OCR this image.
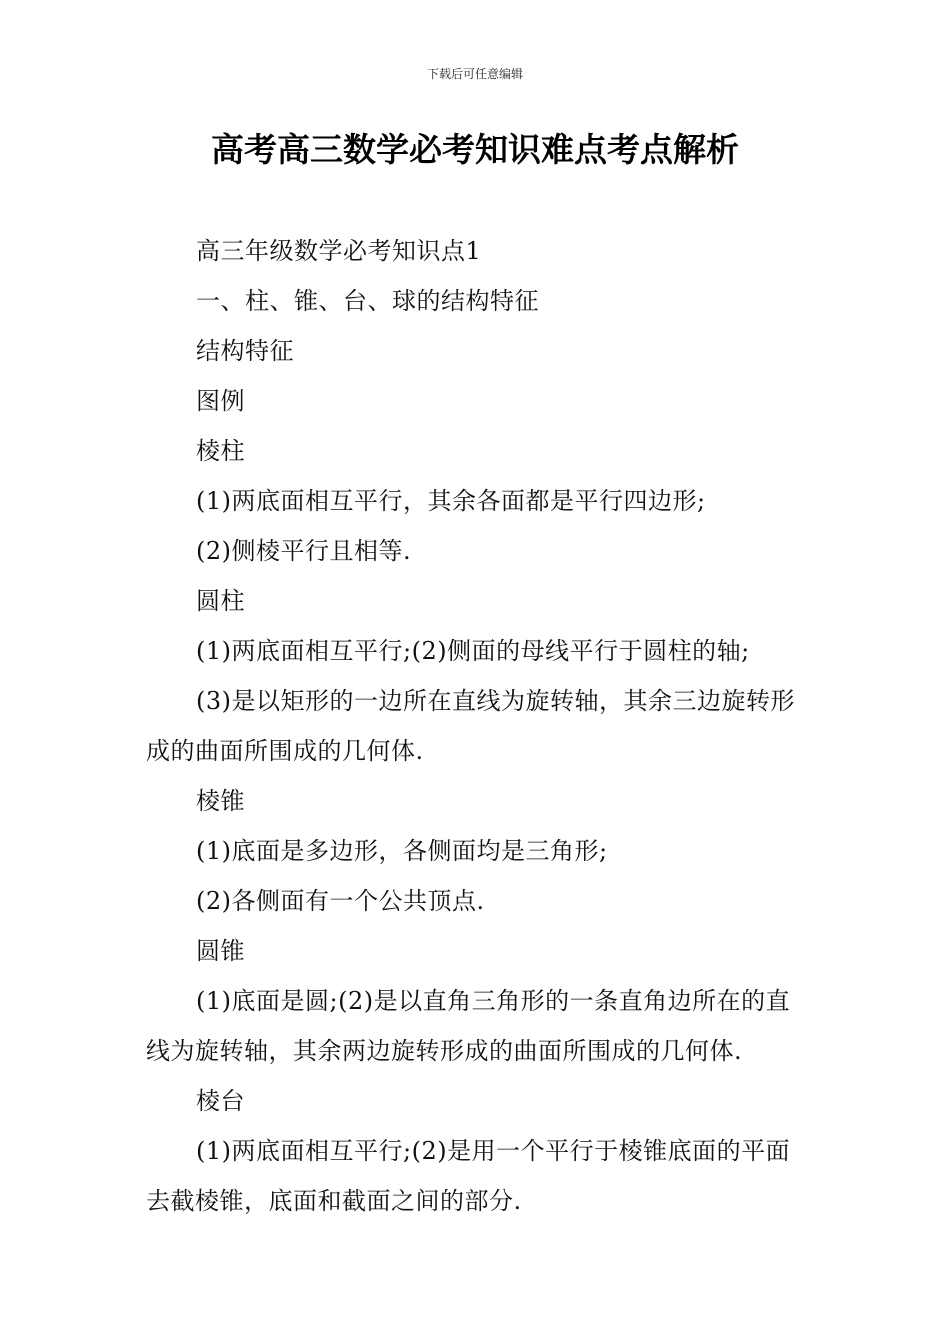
下载后可任意编辑
高考高三数学必考知识难点考点解析

高三年级数学必考知识点1

一、柱、锥、台、球的结构特征

结构特征

图例

棱柱

(1)两底面相互平行，其余各面都是平行四边形;

(2)侧棱平行且相等.

圆柱

(1)两底面相互平行;(2)侧面的母线平行于圆柱的轴;

(3)是以矩形的一边所在直线为旋转轴，其余三边旋转形成的曲面所围成的几何体.

棱锥

(1)底面是多边形，各侧面均是三角形;

(2)各侧面有一个公共顶点.

圆锥

(1)底面是圆;(2)是以直角三角形的一条直角边所在的直线为旋转轴，其余两边旋转形成的曲面所围成的几何体.

棱台

(1)两底面相互平行;(2)是用一个平行于棱锥底面的平面去截棱锥，底面和截面之间的部分.
